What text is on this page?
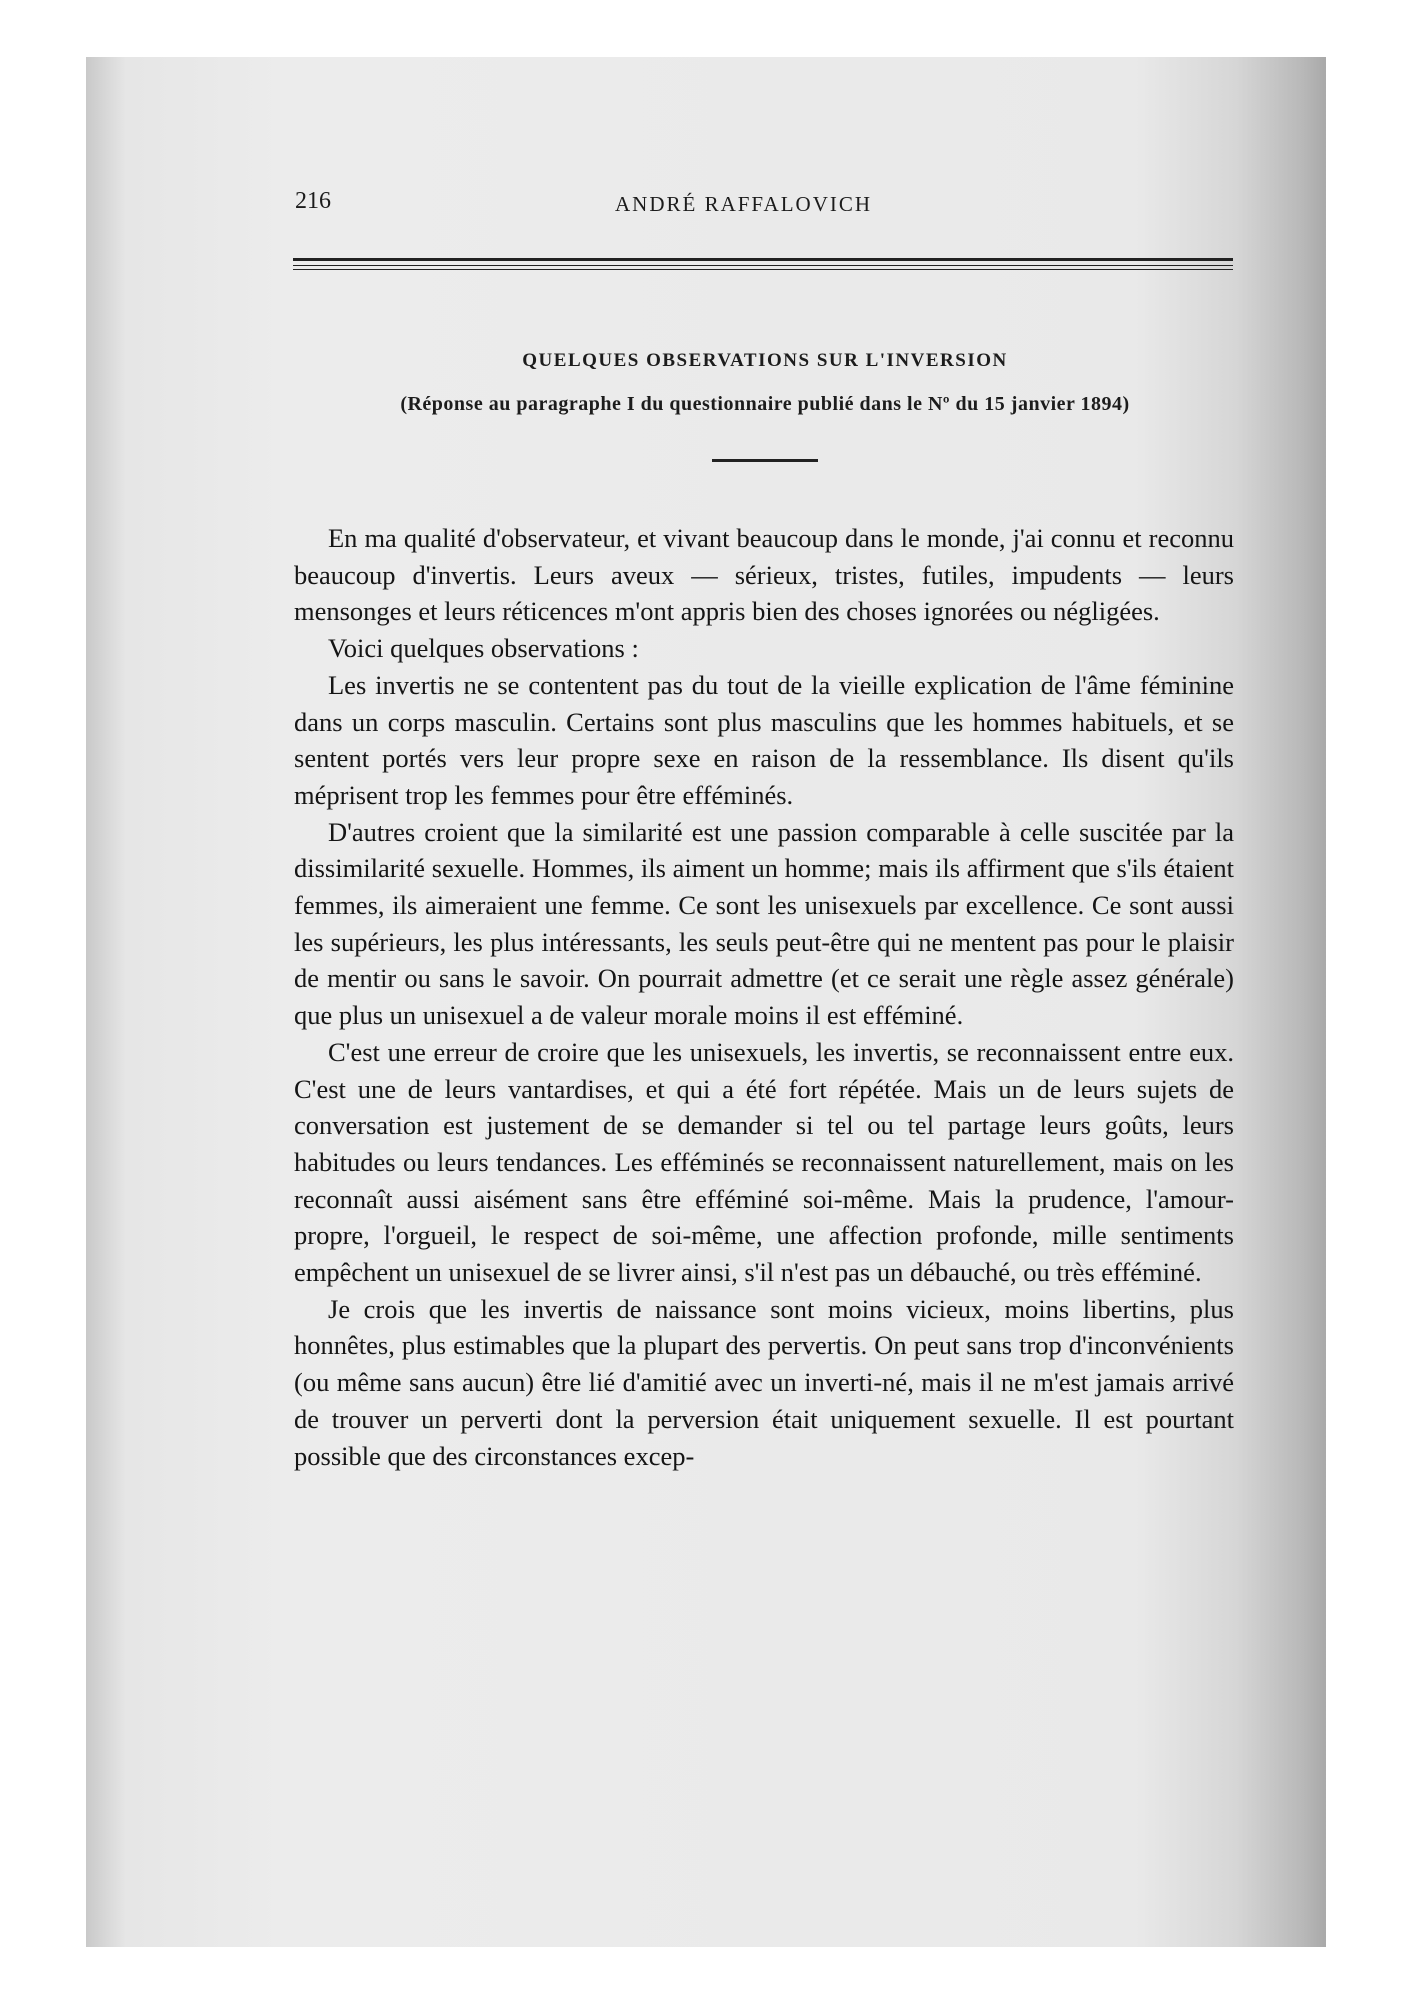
216	ANDRÉ RAFFALOVICH
QUELQUES OBSERVATIONS SUR L'INVERSION
(Réponse au paragraphe I du questionnaire publié dans le Nº du 15 janvier 1894)

En ma qualité d'observateur, et vivant beaucoup dans le monde, j'ai connu et reconnu beaucoup d'invertis. Leurs aveux — sérieux, tristes, futiles, impudents — leurs mensonges et leurs réticences m'ont appris bien des choses ignorées ou négligées.

Voici quelques observations :

Les invertis ne se contentent pas du tout de la vieille explication de l'âme féminine dans un corps masculin. Certains sont plus masculins que les hommes habituels, et se sentent portés vers leur propre sexe en raison de la ressemblance. Ils disent qu'ils méprisent trop les femmes pour être efféminés.

D'autres croient que la similarité est une passion comparable à celle suscitée par la dissimilarité sexuelle. Hommes, ils aiment un homme; mais ils affirment que s'ils étaient femmes, ils aimeraient une femme. Ce sont les unisexuels par excellence. Ce sont aussi les supérieurs, les plus intéressants, les seuls peut-être qui ne mentent pas pour le plaisir de mentir ou sans le savoir. On pourrait admettre (et ce serait une règle assez générale) que plus un unisexuel a de valeur morale moins il est efféminé.

C'est une erreur de croire que les unisexuels, les invertis, se reconnaissent entre eux. C'est une de leurs vantardises, et qui a été fort répétée. Mais un de leurs sujets de conversation est justement de se demander si tel ou tel partage leurs goûts, leurs habitudes ou leurs tendances. Les efféminés se reconnaissent naturellement, mais on les reconnaît aussi aisément sans être efféminé soi-même. Mais la prudence, l'amour-propre, l'orgueil, le respect de soi-même, une affection profonde, mille sentiments empêchent un unisexuel de se livrer ainsi, s'il n'est pas un débauché, ou très efféminé.

Je crois que les invertis de naissance sont moins vicieux, moins libertins, plus honnêtes, plus estimables que la plupart des pervertis. On peut sans trop d'inconvénients (ou même sans aucun) être lié d'amitié avec un inverti-né, mais il ne m'est jamais arrivé de trouver un perverti dont la perversion était uniquement sexuelle. Il est pourtant possible que des circonstances excep-
